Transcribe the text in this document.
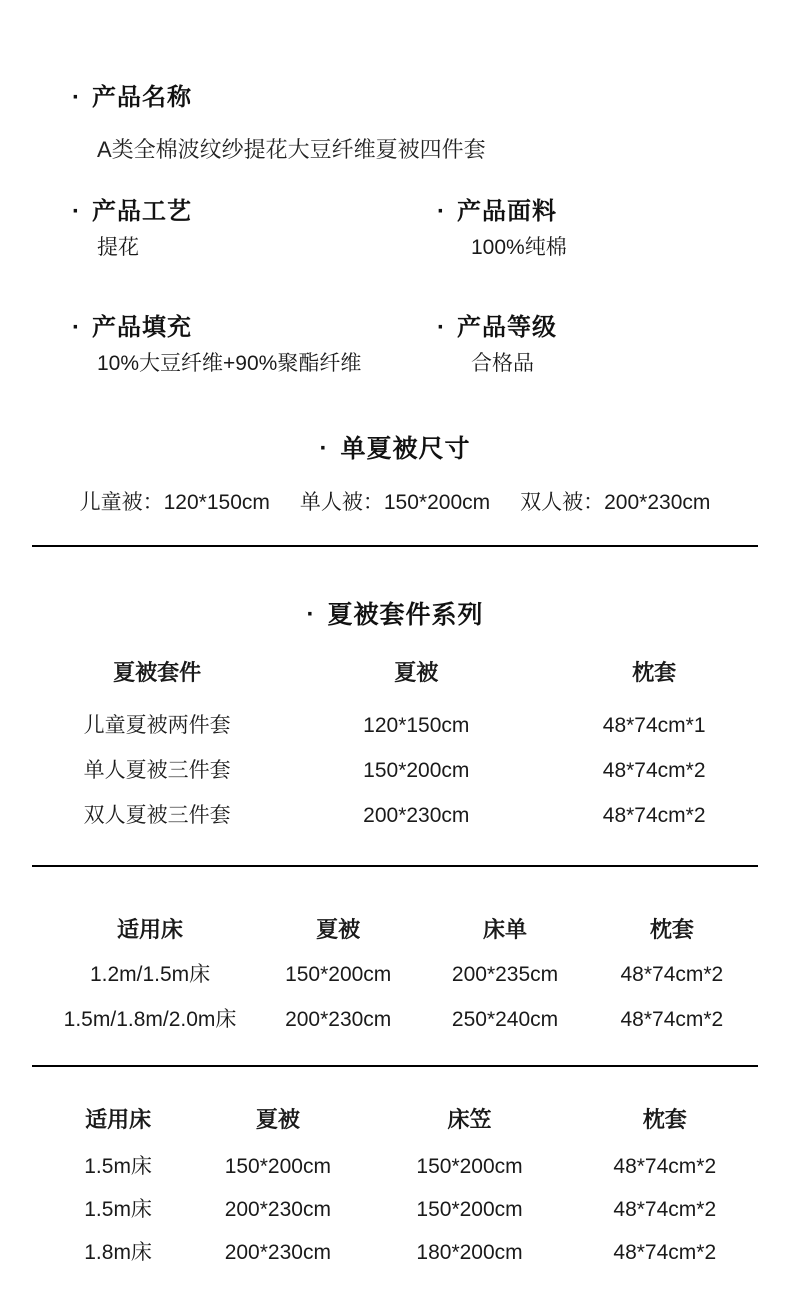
· 产品名称
A类全棉波纹纱提花大豆纤维夏被四件套
· 产品工艺
提花
· 产品面料
100%纯棉
· 产品填充
10%大豆纤维+90%聚酯纤维
· 产品等级
合格品
· 单夏被尺寸
儿童被： 120*150cm 单人被： 150*200cm 双人被： 200*230cm
· 夏被套件系列
夏被套件	夏被	枕套
儿童夏被两件套	120*150cm	48*74cm*1
单人夏被三件套	150*200cm	48*74cm*2
双人夏被三件套	200*230cm	48*74cm*2
适用床	夏被	床单	枕套
1.2m/1.5m床	150*200cm	200*235cm	48*74cm*2
1.5m/1.8m/2.0m床	200*230cm	250*240cm	48*74cm*2
适用床	夏被	床笠	枕套
1.5m床	150*200cm	150*200cm	48*74cm*2
1.5m床	200*230cm	150*200cm	48*74cm*2
1.8m床	200*230cm	180*200cm	48*74cm*2
